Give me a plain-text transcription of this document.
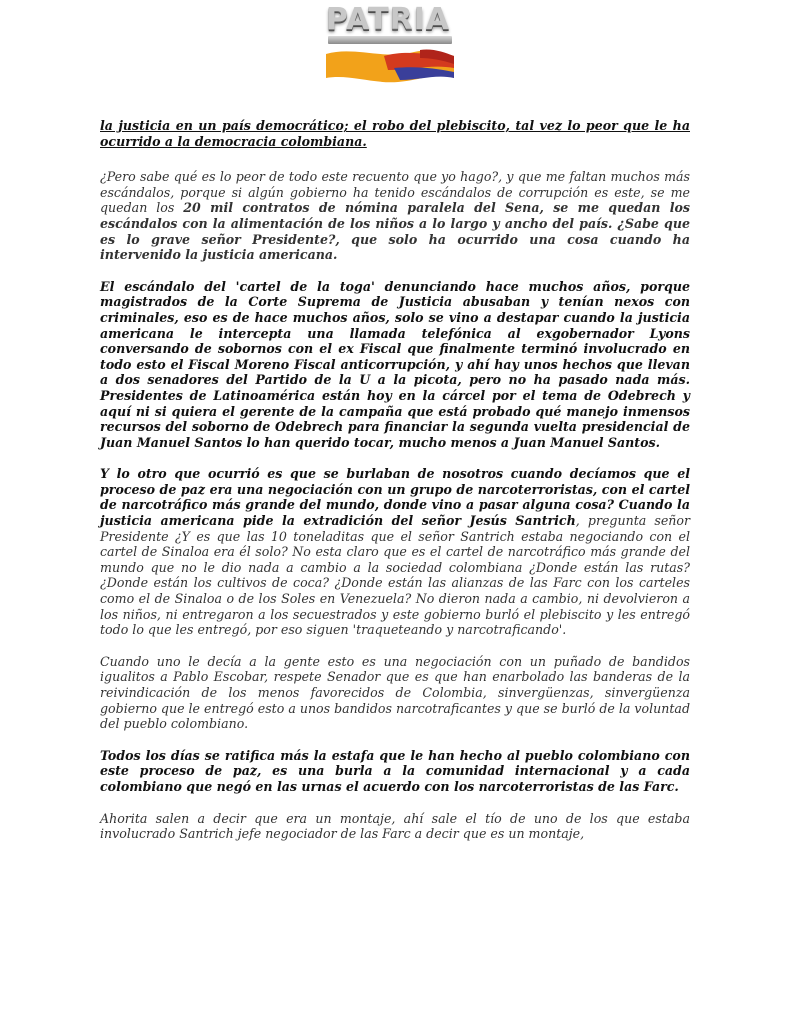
PATRIA

la justicia en un país democrático; el robo del plebiscito, tal vez lo peor que le ha ocurrido a la democracia colombiana.

¿Pero sabe qué es lo peor de todo este recuento que yo hago?, y que me faltan muchos más escándalos, porque si algún gobierno ha tenido escándalos de corrupción es este, se me quedan los 20 mil contratos de nómina paralela del Sena, se me quedan los escándalos con la alimentación de los niños a lo largo y ancho del país. ¿Sabe que es lo grave señor Presidente?, que solo ha ocurrido una cosa cuando ha intervenido la justicia americana.

El escándalo del 'cartel de la toga' denunciando hace muchos años, porque magistrados de la Corte Suprema de Justicia abusaban y tenían nexos con criminales, eso es de hace muchos años, solo se vino a destapar cuando la justicia americana le intercepta una llamada telefónica al exgobernador Lyons conversando de sobornos con el ex Fiscal que finalmente terminó involucrado en todo esto el Fiscal Moreno Fiscal anticorrupción, y ahí hay unos hechos que llevan a dos senadores del Partido de la U a la picota, pero no ha pasado nada más. Presidentes de Latinoamérica están hoy en la cárcel por el tema de Odebrech y aquí ni si quiera el gerente de la campaña que está probado qué manejo inmensos recursos del soborno de Odebrech para financiar la segunda vuelta presidencial de Juan Manuel Santos lo han querido tocar, mucho menos a Juan Manuel Santos.

Y lo otro que ocurrió es que se burlaban de nosotros cuando decíamos que el proceso de paz era una negociación con un grupo de narcoterroristas, con el cartel de narcotráfico más grande del mundo, donde vino a pasar alguna cosa? Cuando la justicia americana pide la extradición del señor Jesús Santrich, pregunta señor Presidente ¿Y es que las 10 toneladitas que el señor Santrich estaba negociando con el cartel de Sinaloa era él solo? No esta claro que es el cartel de narcotráfico más grande del mundo que no le dio nada a cambio a la sociedad colombiana ¿Donde están las rutas? ¿Donde están los cultivos de coca? ¿Donde están las alianzas de las Farc con los carteles como el de Sinaloa o de los Soles en Venezuela? No dieron nada a cambio, ni devolvieron a los niños, ni entregaron a los secuestrados y este gobierno burló el plebiscito y les entregó todo lo que les entregó, por eso siguen 'traqueteando y narcotraficando'.

Cuando uno le decía a la gente esto es una negociación con un puñado de bandidos igualitos a Pablo Escobar, respete Senador que es que han enarbolado las banderas de la reivindicación de los menos favorecidos de Colombia, sinvergüenzas, sinvergüenza gobierno que le entregó esto a unos bandidos narcotraficantes y que se burló de la voluntad del pueblo colombiano.

Todos los días se ratifica más la estafa que le han hecho al pueblo colombiano con este proceso de paz, es una burla a la comunidad internacional y a cada colombiano que negó en las urnas el acuerdo con los narcoterroristas de las Farc.

Ahorita salen a decir que era un montaje, ahí sale el tío de uno de los que estaba involucrado Santrich jefe negociador de las Farc a decir que es un montaje,
